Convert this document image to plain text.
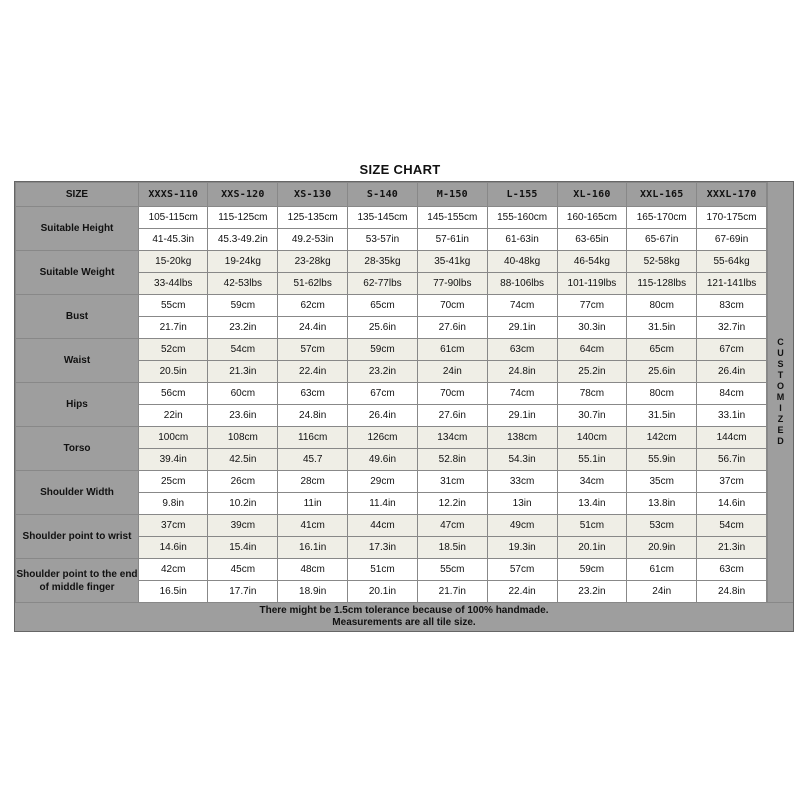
SIZE CHART
SIZE	XXXS-110	XXS-120	XS-130	S-140	M-150	L-155	XL-160	XXL-165	XXXL-170
Suitable Height	105-115cm	115-125cm	125-135cm	135-145cm	145-155cm	155-160cm	160-165cm	165-170cm	170-175cm
	41-45.3in	45.3-49.2in	49.2-53in	53-57in	57-61in	61-63in	63-65in	65-67in	67-69in
Suitable Weight	15-20kg	19-24kg	23-28kg	28-35kg	35-41kg	40-48kg	46-54kg	52-58kg	55-64kg
	33-44lbs	42-53lbs	51-62lbs	62-77lbs	77-90lbs	88-106lbs	101-119lbs	115-128lbs	121-141lbs
Bust	55cm	59cm	62cm	65cm	70cm	74cm	77cm	80cm	83cm
	21.7in	23.2in	24.4in	25.6in	27.6in	29.1in	30.3in	31.5in	32.7in
Waist	52cm	54cm	57cm	59cm	61cm	63cm	64cm	65cm	67cm
	20.5in	21.3in	22.4in	23.2in	24in	24.8in	25.2in	25.6in	26.4in
Hips	56cm	60cm	63cm	67cm	70cm	74cm	78cm	80cm	84cm
	22in	23.6in	24.8in	26.4in	27.6in	29.1in	30.7in	31.5in	33.1in
Torso	100cm	108cm	116cm	126cm	134cm	138cm	140cm	142cm	144cm
	39.4in	42.5in	45.7	49.6in	52.8in	54.3in	55.1in	55.9in	56.7in
Shoulder Width	25cm	26cm	28cm	29cm	31cm	33cm	34cm	35cm	37cm
	9.8in	10.2in	11in	11.4in	12.2in	13in	13.4in	13.8in	14.6in
Shoulder point to wrist	37cm	39cm	41cm	44cm	47cm	49cm	51cm	53cm	54cm
	14.6in	15.4in	16.1in	17.3in	18.5in	19.3in	20.1in	20.9in	21.3in
Shoulder point to the end of middle finger	42cm	45cm	48cm	51cm	55cm	57cm	59cm	61cm	63cm
	16.5in	17.7in	18.9in	20.1in	21.7in	22.4in	23.2in	24in	24.8in
CUSTOMIZED
There might be 1.5cm tolerance because of 100% handmade.
Measurements are all tile size.
